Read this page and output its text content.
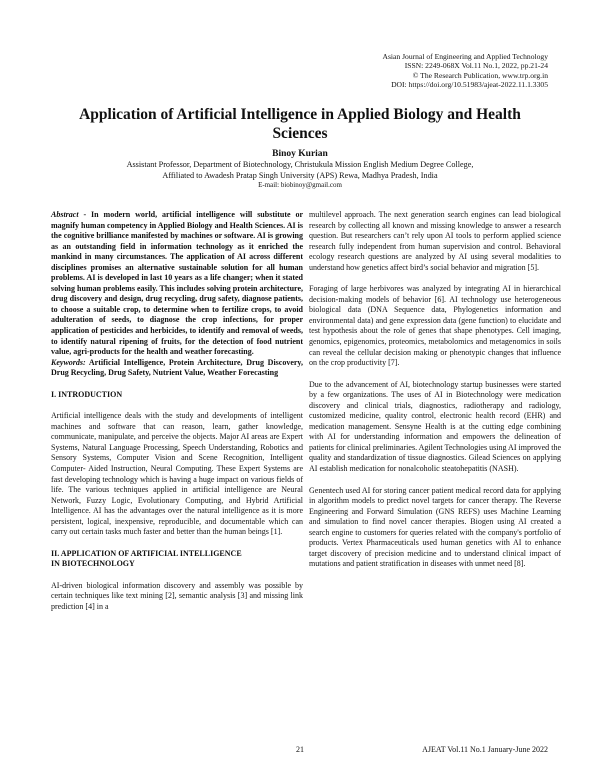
Asian Journal of Engineering and Applied Technology
ISSN: 2249-068X Vol.11 No.1, 2022, pp.21-24
© The Research Publication, www.trp.org.in
DOI: https://doi.org/10.51983/ajeat-2022.11.1.3305
Application of Artificial Intelligence in Applied Biology and Health Sciences
Binoy Kurian
Assistant Professor, Department of Biotechnology, Christukula Mission English Medium Degree College,
Affiliated to Awadesh Pratap Singh University (APS) Rewa, Madhya Pradesh, India
E-mail: biobinoy@gmail.com

Abstract - In modern world, artificial intelligence will substitute or magnify human competency in Applied Biology and Health Sciences. AI is the cognitive brilliance manifested by machines or software. AI is growing as an outstanding field in information technology as it enriched the mankind in many circumstances. The application of AI across different disciplines promises an alternative sustainable solution for all human problems. AI is developed in last 10 years as a life changer; when it stated solving human problems easily. This includes solving protein architecture, drug discovery and design, drug recycling, drug safety, diagnose patients, to choose a suitable crop, to determine when to fertilize crops, to avoid adulteration of seeds, to diagnose the crop infections, for proper application of pesticides and herbicides, to identify and removal of weeds, to identify natural ripening of fruits, for the detection of food nutrient value, agri-products for the health and weather forecasting.

Keywords: Artificial Intelligence, Protein Architecture, Drug Discovery, Drug Recycling, Drug Safety, Nutrient Value, Weather Forecasting

I. INTRODUCTION

Artificial intelligence deals with the study and developments of intelligent machines and software that can reason, learn, gather knowledge, communicate, manipulate, and perceive the objects. Major AI areas are Expert Systems, Natural Language Processing, Speech Understanding, Robotics and Sensory Systems, Computer Vision and Scene Recognition, Intelligent Computer- Aided Instruction, Neural Computing. These Expert Systems are fast developing technology which is having a huge impact on various fields of life. The various techniques applied in artificial intelligence are Neural Network, Fuzzy Logic, Evolutionary Computing, and Hybrid Artificial Intelligence. AI has the advantages over the natural intelligence as it is more persistent, logical, inexpensive, reproducible, and documentable which can carry out certain tasks much faster and better than the human beings [1].

II. APPLICATION OF ARTIFICIAL INTELLIGENCE

IN BIOTECHNOLOGY

AI-driven biological information discovery and assembly was possible by certain techniques like text mining [2], semantic analysis [3] and missing link prediction [4] in a

multilevel approach. The next generation search engines can lead biological research by collecting all known and missing knowledge to answer a research question. But researchers can’t rely upon AI tools to perform applied science research fully independent from human supervision and control. Behavioral ecology research questions are analyzed by AI using several modalities to understand how genetics affect bird’s social behavior and migration [5].

Foraging of large herbivores was analyzed by integrating AI in hierarchical decision-making models of behavior [6]. AI technology use heterogeneous biological data (DNA Sequence data, Phylogenetics information and environmental data) and gene expression data (gene function) to elucidate and test hypothesis about the role of genes that shape phenotypes. Cell imaging, genomics, epigenomics, proteomics, metabolomics and metagenomics in soils can reveal the cellular decision making or phenotypic changes that influence on the crop productivity [7].

Due to the advancement of AI, biotechnology startup businesses were started by a few organizations. The uses of AI in Biotechnology were medication discovery and clinical trials, diagnostics, radiotherapy and radiology, customized medicine, quality control, electronic health record (EHR) and medication management. Sensyne Health is at the cutting edge combining with AI for understanding information and empowers the delineation of patients for clinical preliminaries. Agilent Technologies using AI improved the quality and standardization of tissue diagnostics. Gilead Sciences on applying AI establish medication for nonalcoholic steatohepatitis (NASH).

Genentech used AI for storing cancer patient medical record data for applying in algorithm models to predict novel targets for cancer therapy. The Reverse Engineering and Forward Simulation (GNS REFS) uses Machine Learning and simulation to find novel cancer therapies. Biogen using AI created a search engine to customers for queries related with the company's portfolio of products. Vertex Pharmaceuticals used human genetics with AI to enhance target discovery of precision medicine and to understand clinical impact of mutations and patient stratification in diseases with unmet need [8].

21	AJEAT Vol.11 No.1 January-June 2022
